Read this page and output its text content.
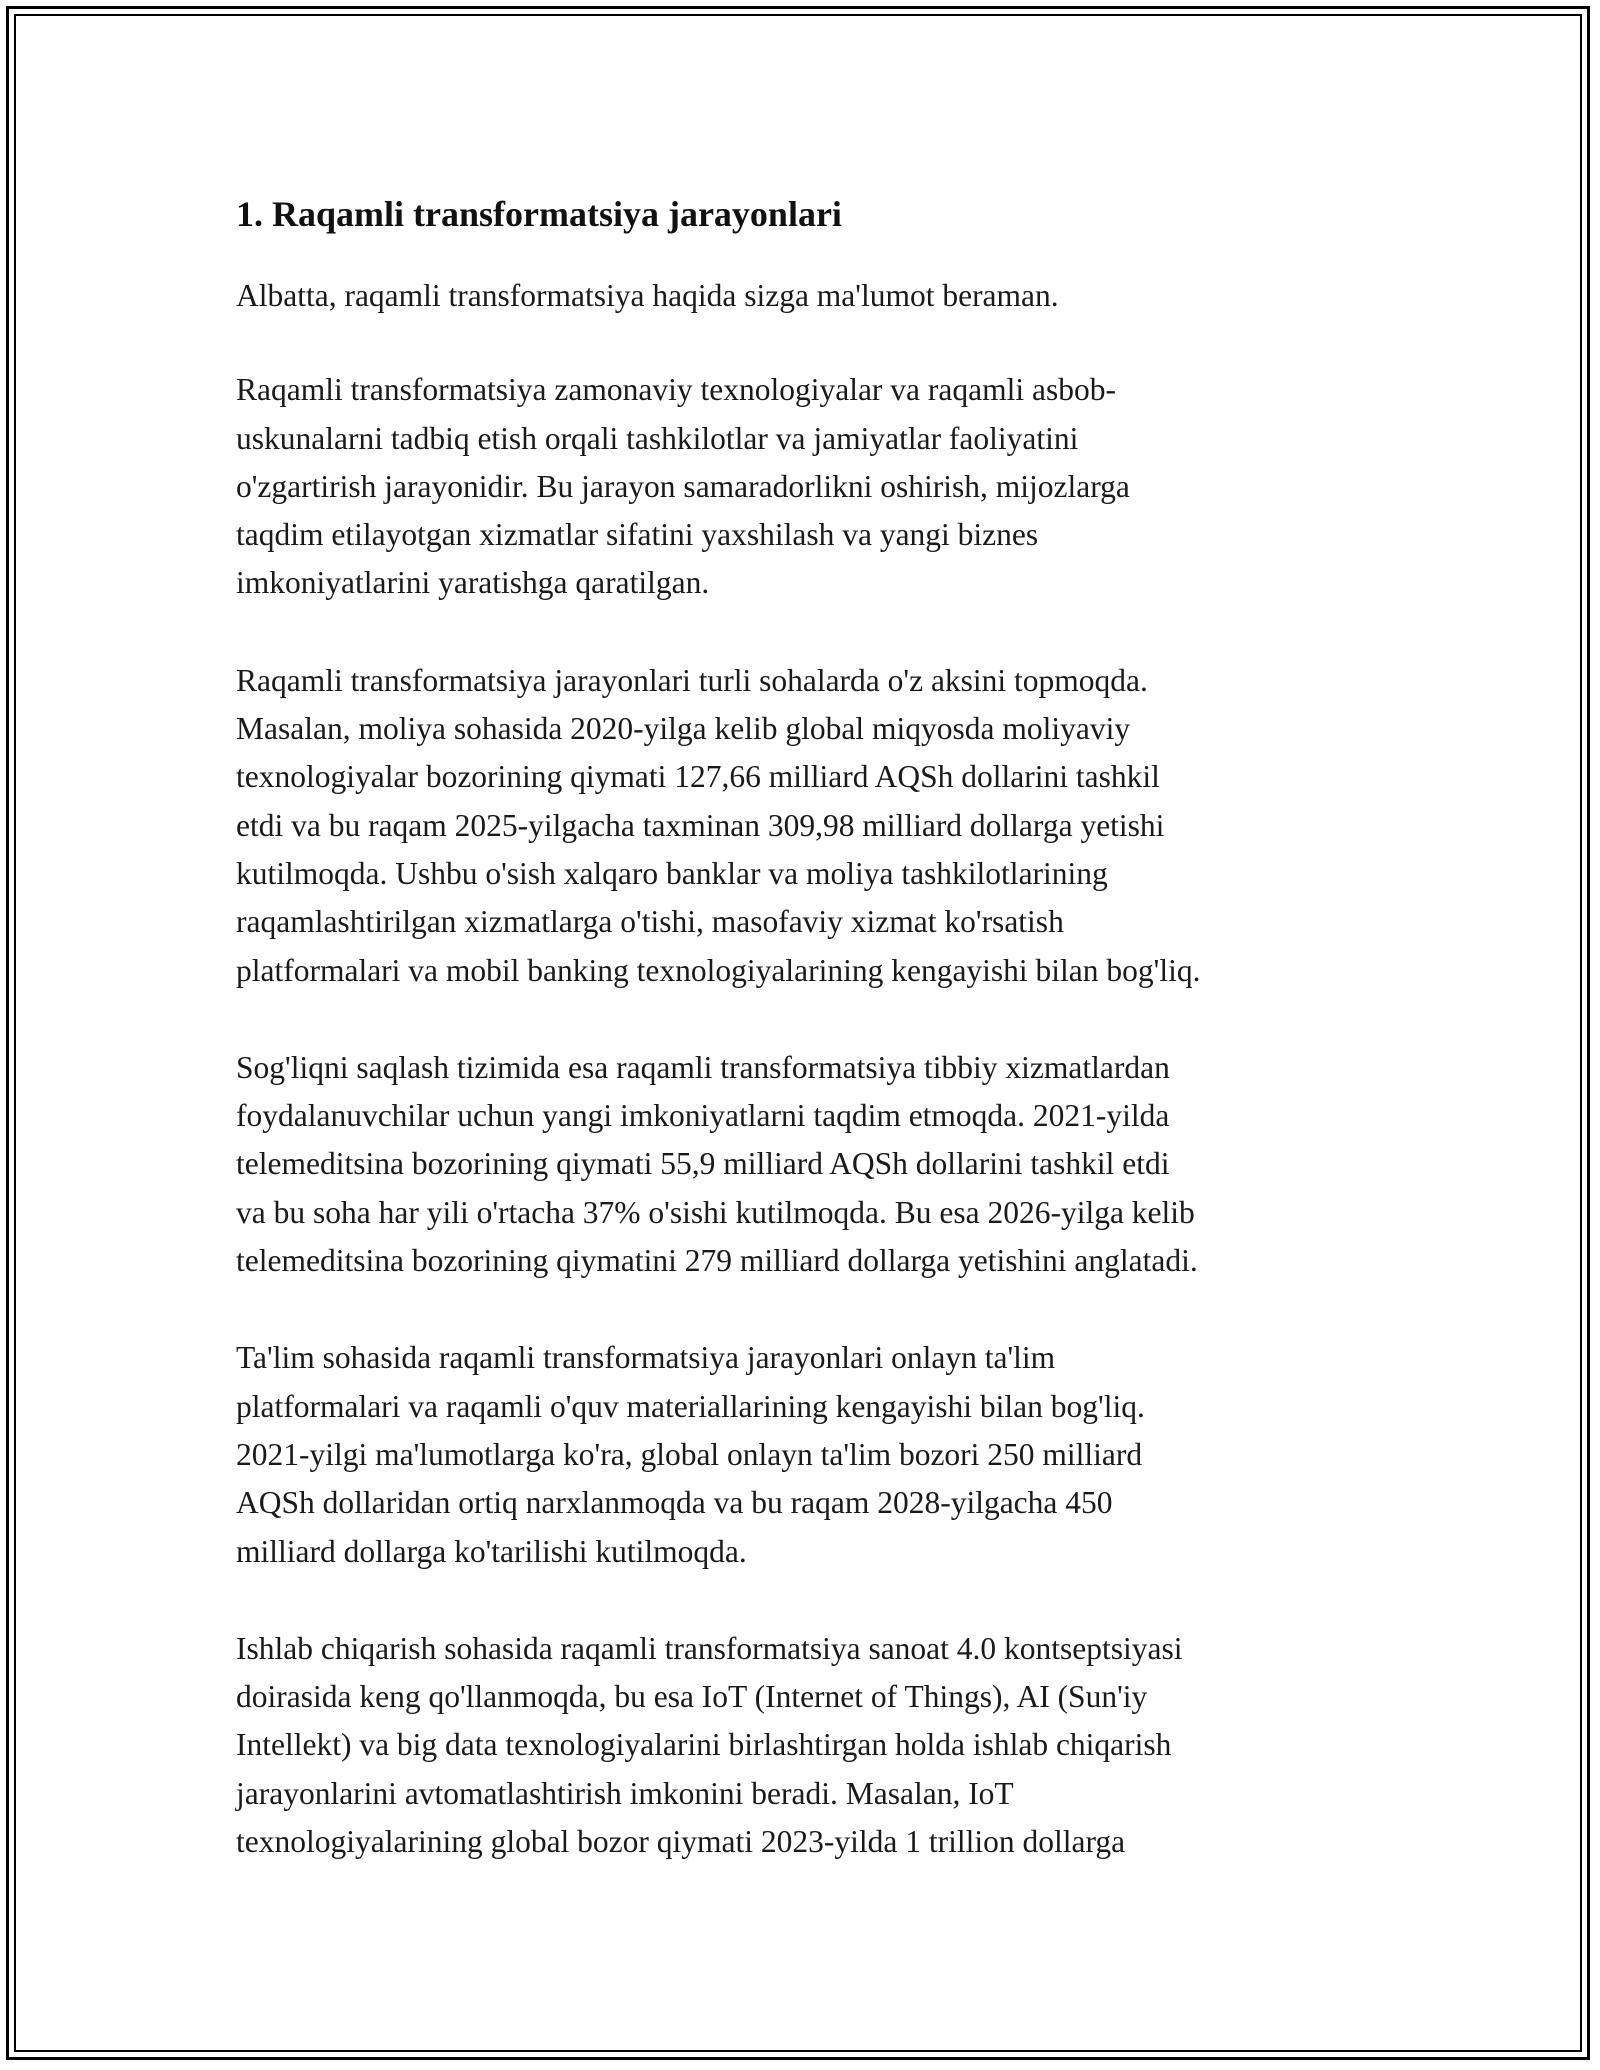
1. Raqamli transformatsiya jarayonlari

Albatta, raqamli transformatsiya haqida sizga ma'lumot beraman.

Raqamli transformatsiya zamonaviy texnologiyalar va raqamli asbob-
uskunalarni tadbiq etish orqali tashkilotlar va jamiyatlar faoliyatini
o'zgartirish jarayonidir. Bu jarayon samaradorlikni oshirish, mijozlarga
taqdim etilayotgan xizmatlar sifatini yaxshilash va yangi biznes
imkoniyatlarini yaratishga qaratilgan.

Raqamli transformatsiya jarayonlari turli sohalarda o'z aksini topmoqda.
Masalan, moliya sohasida 2020-yilga kelib global miqyosda moliyaviy
texnologiyalar bozorining qiymati 127,66 milliard AQSh dollarini tashkil
etdi va bu raqam 2025-yilgacha taxminan 309,98 milliard dollarga yetishi
kutilmoqda. Ushbu o'sish xalqaro banklar va moliya tashkilotlarining
raqamlashtirilgan xizmatlarga o'tishi, masofaviy xizmat ko'rsatish
platformalari va mobil banking texnologiyalarining kengayishi bilan bog'liq.

Sog'liqni saqlash tizimida esa raqamli transformatsiya tibbiy xizmatlardan
foydalanuvchilar uchun yangi imkoniyatlarni taqdim etmoqda. 2021-yilda
telemeditsina bozorining qiymati 55,9 milliard AQSh dollarini tashkil etdi
va bu soha har yili o'rtacha 37% o'sishi kutilmoqda. Bu esa 2026-yilga kelib
telemeditsina bozorining qiymatini 279 milliard dollarga yetishini anglatadi.

Ta'lim sohasida raqamli transformatsiya jarayonlari onlayn ta'lim
platformalari va raqamli o'quv materiallarining kengayishi bilan bog'liq.
2021-yilgi ma'lumotlarga ko'ra, global onlayn ta'lim bozori 250 milliard
AQSh dollaridan ortiq narxlanmoqda va bu raqam 2028-yilgacha 450
milliard dollarga ko'tarilishi kutilmoqda.

Ishlab chiqarish sohasida raqamli transformatsiya sanoat 4.0 kontseptsiyasi
doirasida keng qo'llanmoqda, bu esa IoT (Internet of Things), AI (Sun'iy
Intellekt) va big data texnologiyalarini birlashtirgan holda ishlab chiqarish
jarayonlarini avtomatlashtirish imkonini beradi. Masalan, IoT
texnologiyalarining global bozor qiymati 2023-yilda 1 trillion dollarga
